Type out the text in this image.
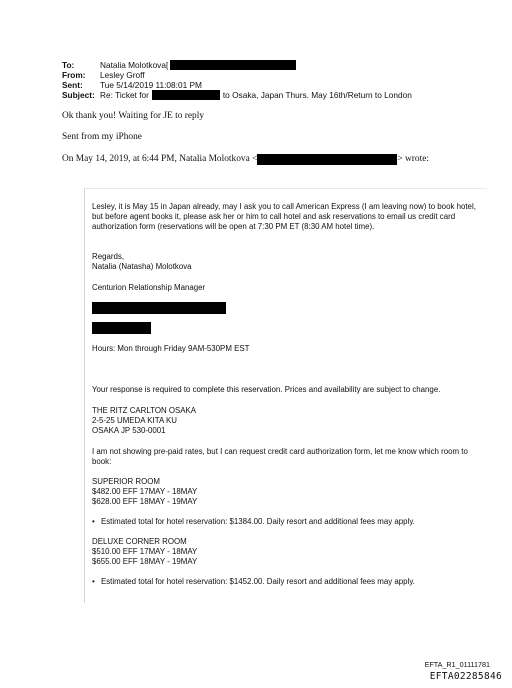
To:	Natalia Molotkova[
From:	Lesley Groff
Sent:	Tue 5/14/2019 11:08:01 PM
Subject: Re: Ticket for	to Osaka, Japan Thurs. May 16th/Return to London
Ok thank you! Waiting for JE to reply
Sent from my iPhone
On May 14, 2019, at 6:44 PM, Natalia Molotkova <	> wrote:
Lesley, it is May 15 in Japan already, may I ask you to call American Express (I am leaving now) to book hotel, but before agent books it, please ask her or him to call hotel and ask reservations to email us credit card authorization form (reservations will be open at 7:30 PM ET (8:30 AM hotel time).
Regards,
Natalia (Natasha) Molotkova
Centurion Relationship Manager
Hours: Mon through Friday 9AM-530PM EST
Your response is required to complete this reservation. Prices and availability are subject to change.
THE RITZ CARLTON OSAKA
2-5-25 UMEDA KITA KU
OSAKA JP 530-0001
I am not showing pre-paid rates, but I can request credit card authorization form, let me know which room to book:
SUPERIOR ROOM
$482.00 EFF 17MAY - 18MAY
$628.00 EFF 18MAY - 19MAY
• Estimated total for hotel reservation: $1384.00. Daily resort and additional fees may apply.
DELUXE CORNER ROOM
$510.00 EFF 17MAY - 18MAY
$655.00 EFF 18MAY - 19MAY
• Estimated total for hotel reservation: $1452.00. Daily resort and additional fees may apply.
EFTA_R1_01111781
EFTA02285846
